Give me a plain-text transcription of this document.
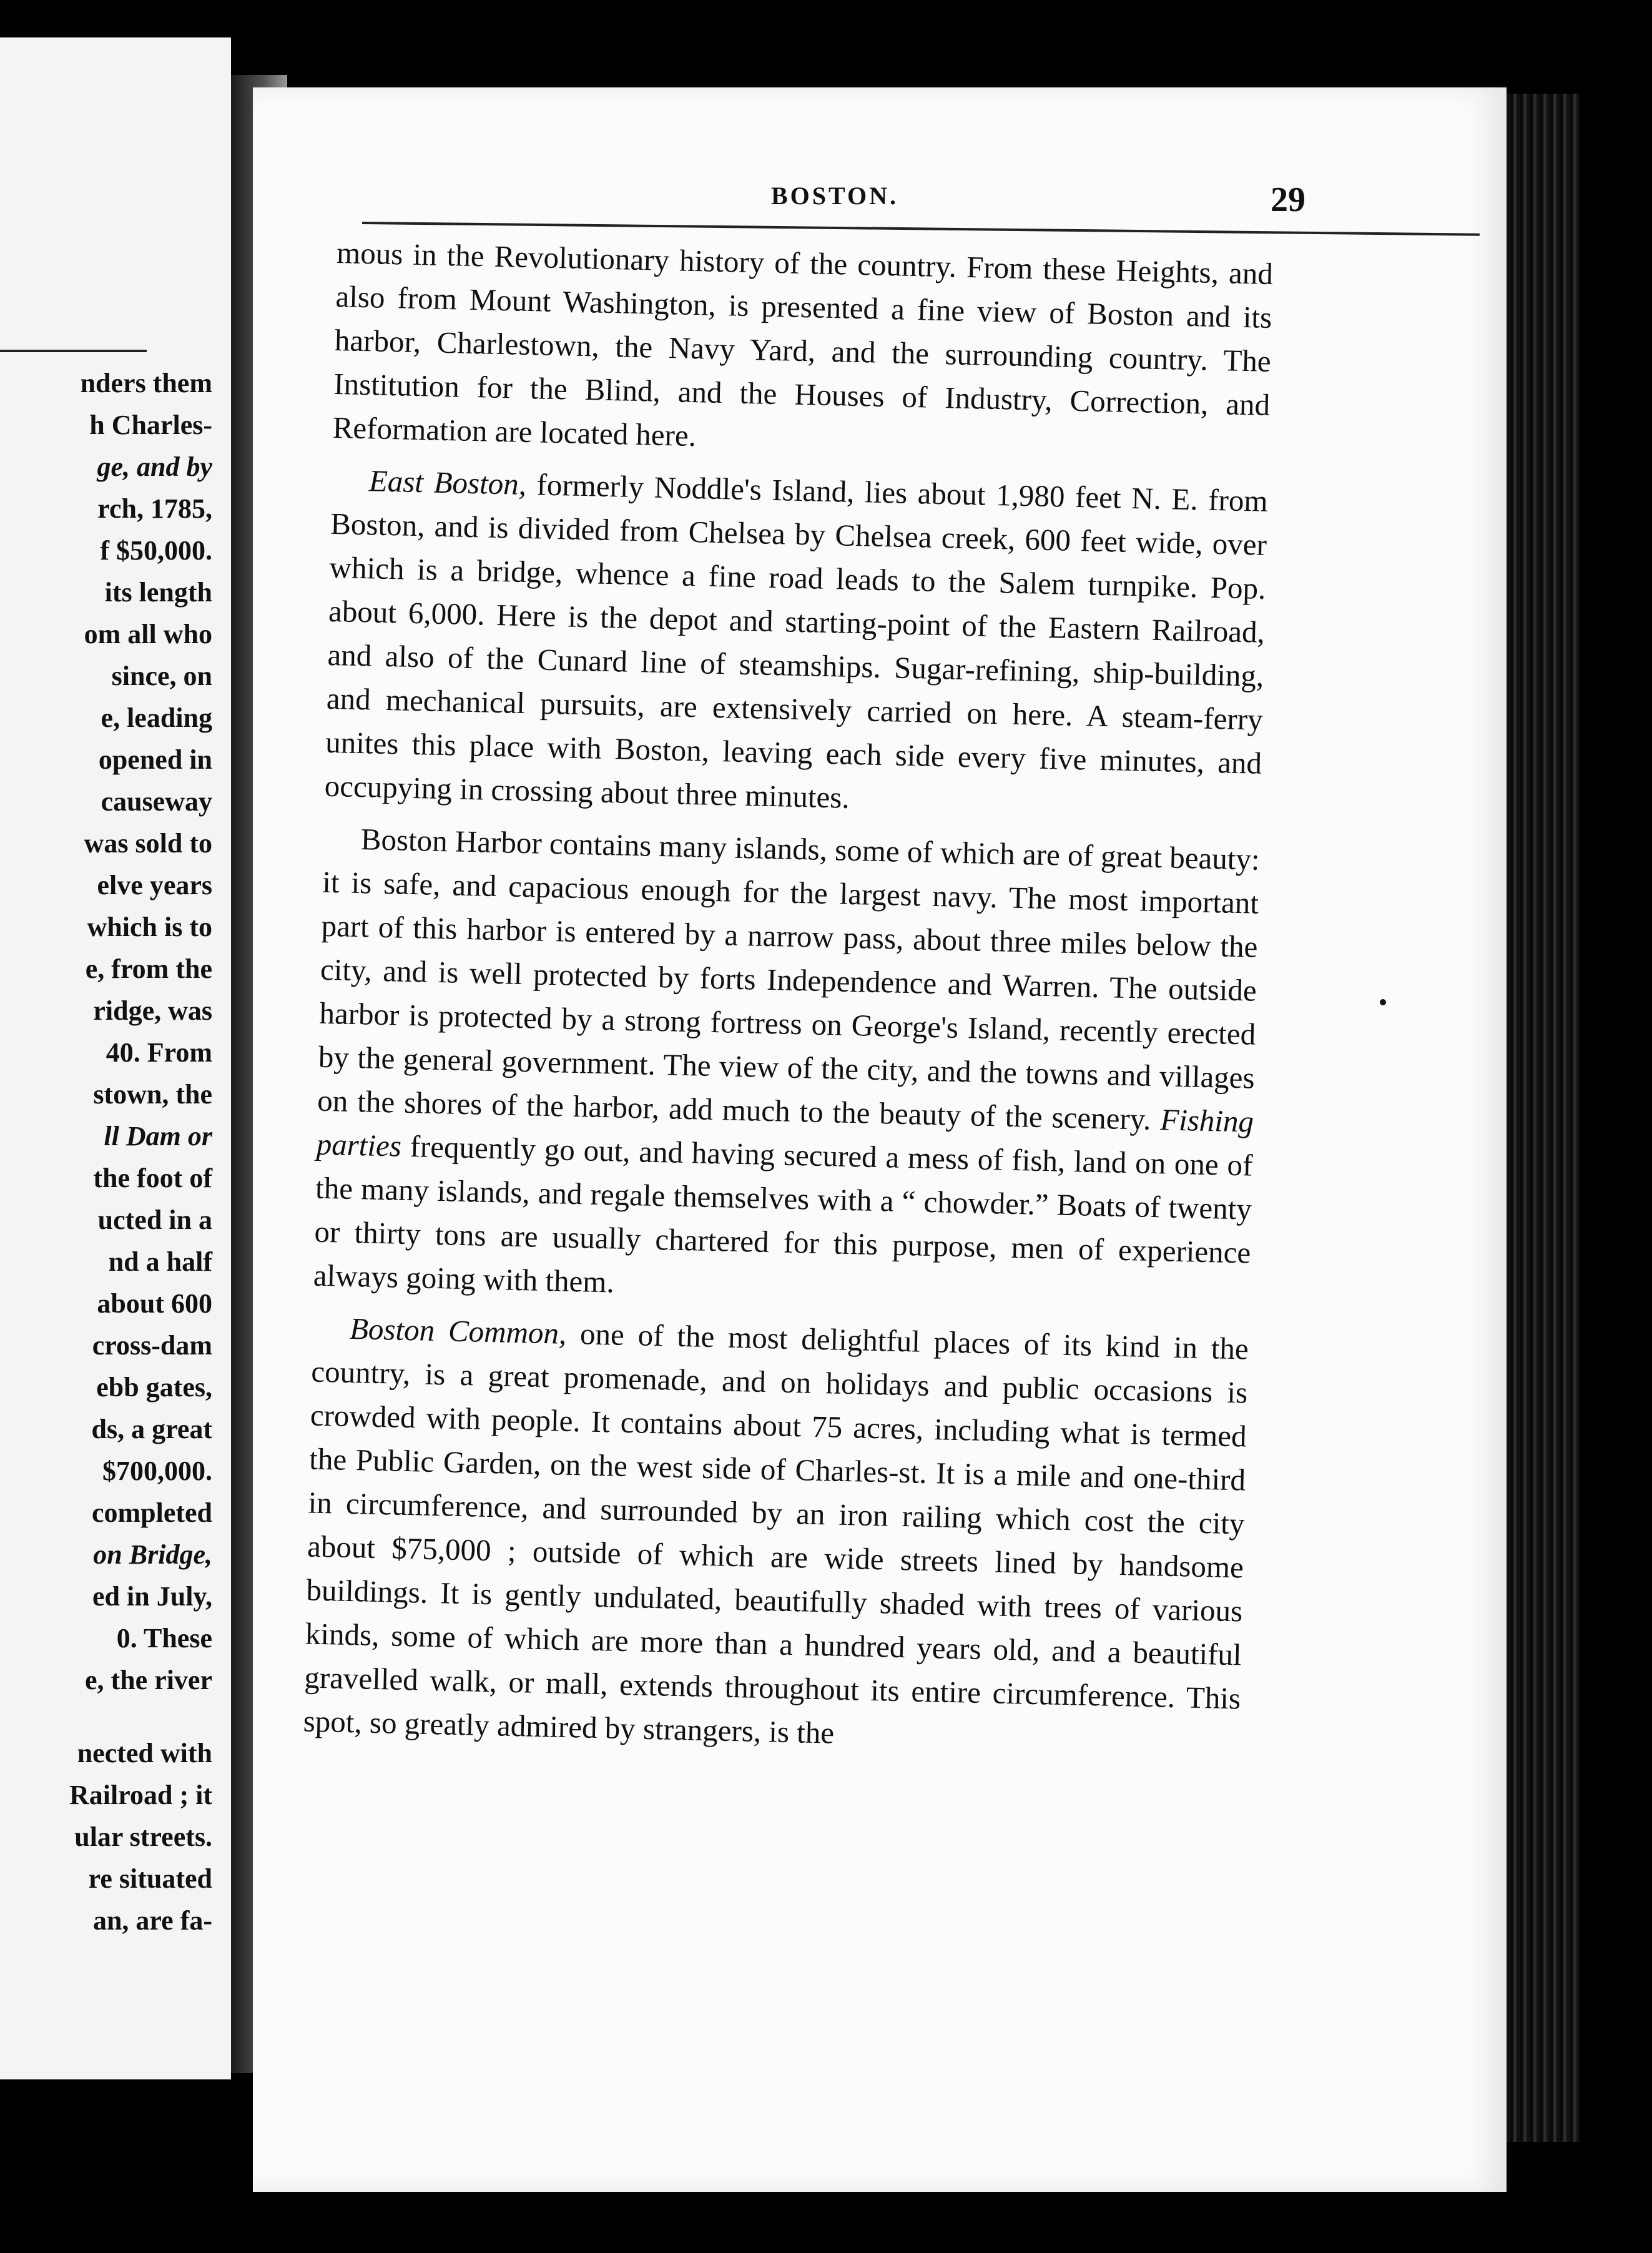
nders them
h Charles-
ge, and by
rch, 1785,
f $50,000.
its length
om all who
since, on
e, leading
opened in
causeway
was sold to
elve years
which is to
e, from the
ridge, was
40. From
stown, the
ll Dam or
the foot of
ucted in a
nd a half
about 600
cross-dam
ebb gates,
ds, a great
$700,000.
completed
on Bridge,
ed in July,
0. These
e, the river
nected with
Railroad ; it
ular streets.
re situated
an, are fa-
BOSTON.	29

mous in the Revolutionary history of the country. From these Heights, and also from Mount Washington, is presented a fine view of Boston and its harbor, Charlestown, the Navy Yard, and the surrounding country. The Institution for the Blind, and the Houses of Industry, Correction, and Reformation are located here.

East Boston, formerly Noddle's Island, lies about 1,980 feet N. E. from Boston, and is divided from Chelsea by Chelsea creek, 600 feet wide, over which is a bridge, whence a fine road leads to the Salem turnpike. Pop. about 6,000. Here is the depot and starting-point of the Eastern Railroad, and also of the Cunard line of steamships. Sugar-refining, ship-building, and mechanical pursuits, are extensively carried on here. A steam-ferry unites this place with Boston, leaving each side every five minutes, and occupying in crossing about three minutes.

Boston Harbor contains many islands, some of which are of great beauty: it is safe, and capacious enough for the largest navy. The most important part of this harbor is entered by a narrow pass, about three miles below the city, and is well protected by forts Independence and Warren. The outside harbor is protected by a strong fortress on George's Island, recently erected by the general government. The view of the city, and the towns and villages on the shores of the harbor, add much to the beauty of the scenery. Fishing parties frequently go out, and having secured a mess of fish, land on one of the many islands, and regale themselves with a “ chowder.” Boats of twenty or thirty tons are usually chartered for this purpose, men of experience always going with them.

Boston Common, one of the most delightful places of its kind in the country, is a great promenade, and on holidays and public occasions is crowded with people. It contains about 75 acres, including what is termed the Public Garden, on the west side of Charles-st. It is a mile and one-third in circumference, and surrounded by an iron railing which cost the city about $75,000 ; outside of which are wide streets lined by handsome buildings. It is gently undulated, beautifully shaded with trees of various kinds, some of which are more than a hundred years old, and a beautiful gravelled walk, or mall, extends throughout its entire circumference. This spot, so greatly admired by strangers, is the
